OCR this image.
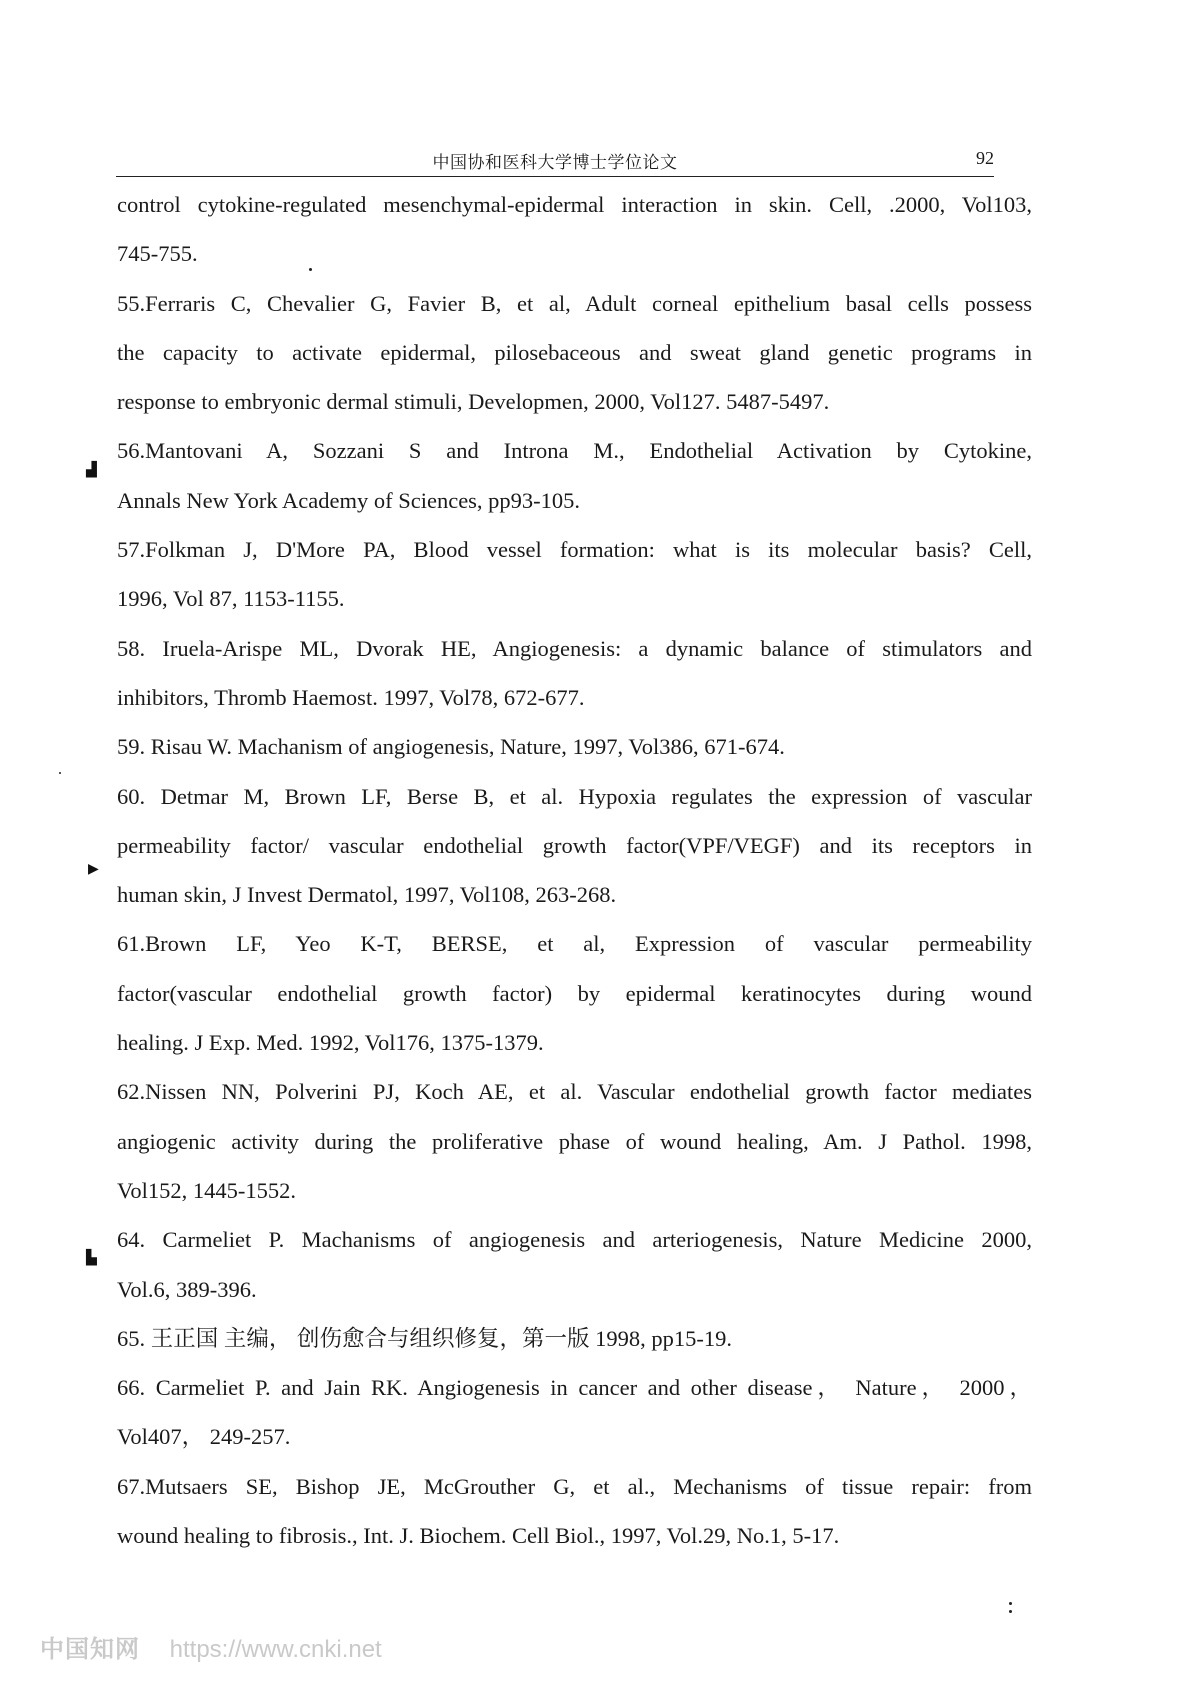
中国协和医科大学博士学位论文	92
control cytokine-regulated mesenchymal-epidermal interaction in skin. Cell, .2000, Vol103,
745-755.
55.Ferraris C, Chevalier G, Favier B, et al, Adult corneal epithelium basal cells possess
the capacity to activate epidermal, pilosebaceous and sweat gland genetic programs in
response to embryonic dermal stimuli, Developmen, 2000, Vol127. 5487-5497.
56.Mantovani A, Sozzani S and Introna M., Endothelial Activation by Cytokine,
Annals New York Academy of Sciences, pp93-105.
57.Folkman J, D'More PA, Blood vessel formation: what is its molecular basis? Cell,
1996, Vol 87, 1153-1155.
58. Iruela-Arispe ML, Dvorak HE, Angiogenesis: a dynamic balance of stimulators and
inhibitors, Thromb Haemost. 1997, Vol78, 672-677.
59. Risau W. Machanism of angiogenesis, Nature, 1997, Vol386, 671-674.
60. Detmar M, Brown LF, Berse B, et al. Hypoxia regulates the expression of vascular
permeability factor/ vascular endothelial growth factor(VPF/VEGF) and its receptors in
human skin, J Invest Dermatol, 1997, Vol108, 263-268.
61.Brown LF, Yeo K-T, BERSE, et al, Expression of vascular permeability
factor(vascular endothelial growth factor) by epidermal keratinocytes during wound
healing. J Exp. Med. 1992, Vol176, 1375-1379.
62.Nissen NN, Polverini PJ, Koch AE, et al. Vascular endothelial growth factor mediates
angiogenic activity during the proliferative phase of wound healing, Am. J Pathol. 1998,
Vol152, 1445-1552.
64. Carmeliet P. Machanisms of angiogenesis and arteriogenesis, Nature Medicine 2000,
Vol.6, 389-396.
65. 王正国 主编， 创伤愈合与组织修复，第一版 1998, pp15-19.
66. Carmeliet P. and Jain RK. Angiogenesis in cancer and other disease， Nature， 2000，
Vol407， 249-257.
67.Mutsaers SE, Bishop JE, McGrouther G, et al., Mechanisms of tissue repair: from
wound healing to fibrosis., Int. J. Biochem. Cell Biol., 1997, Vol.29, No.1, 5-17.
▟
▶
▙
中国知网 https://www.cnki.net
